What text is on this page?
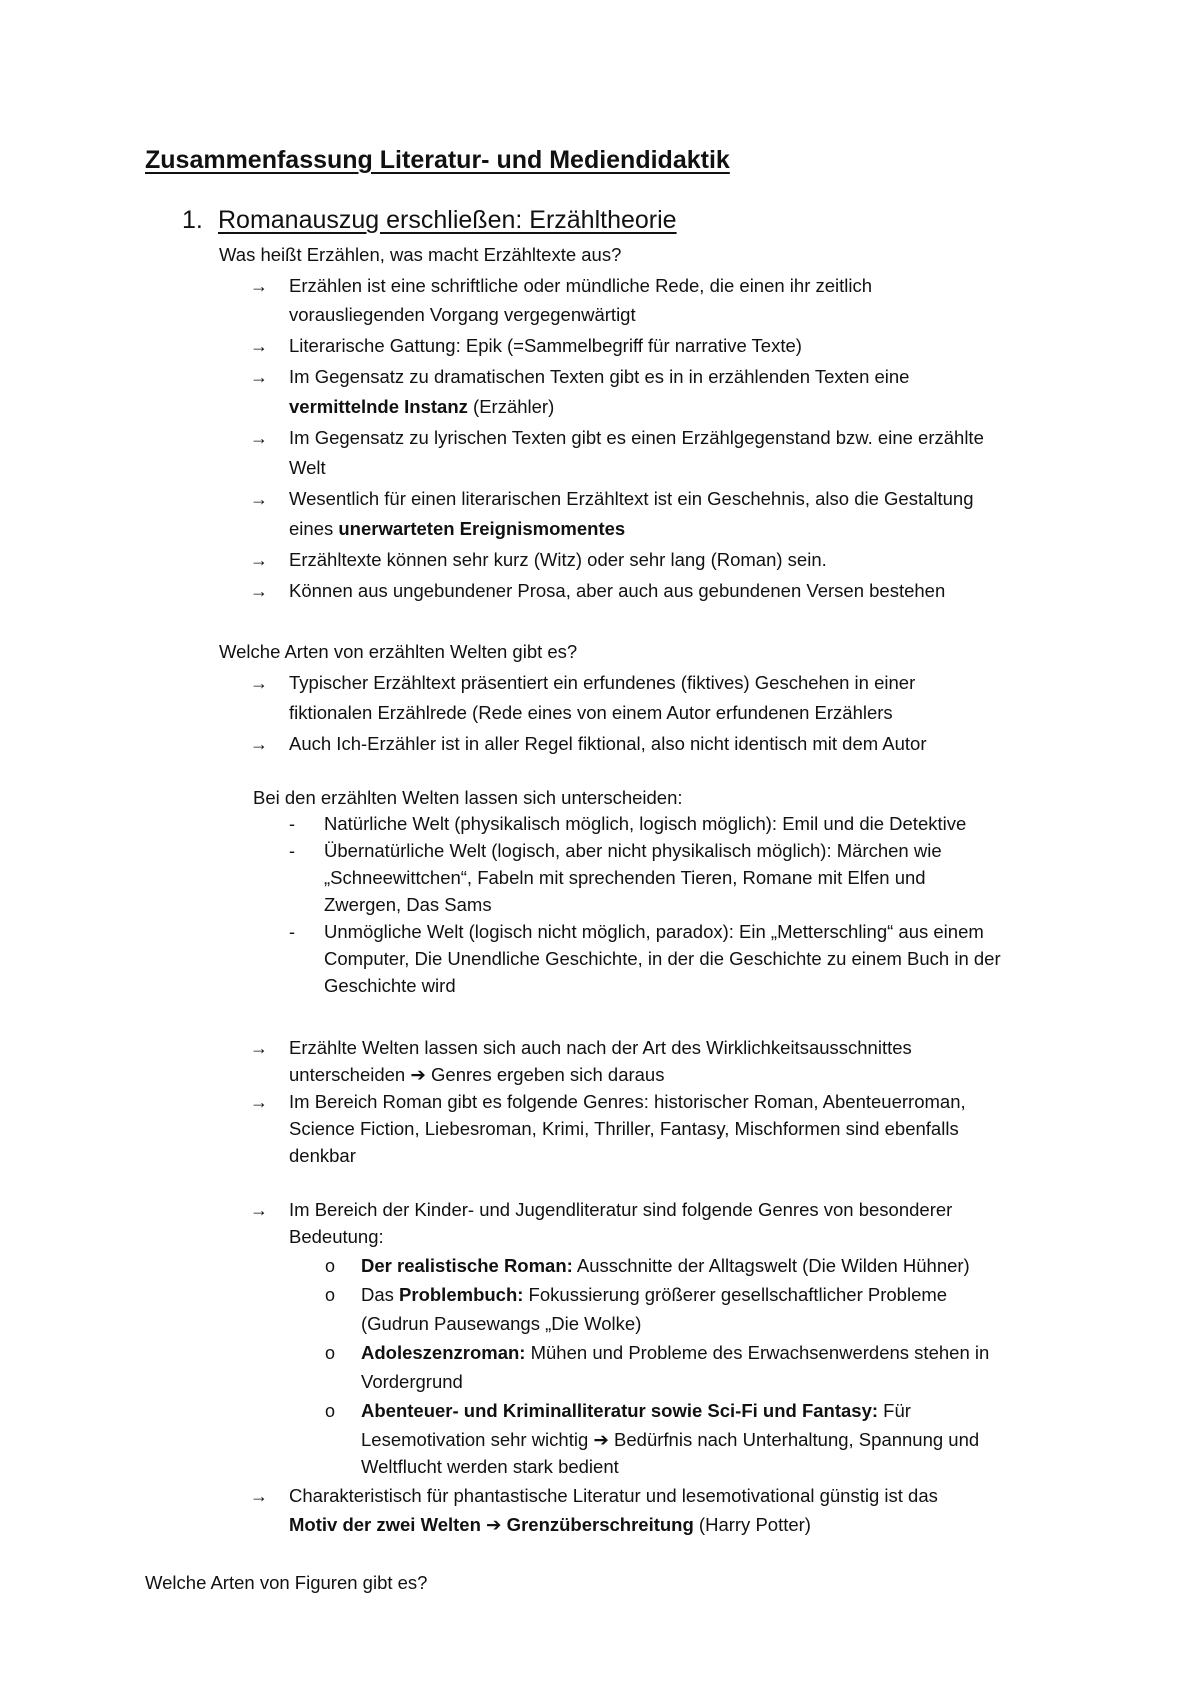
Zusammenfassung Literatur- und Mediendidaktik
1. Romanauszug erschließen: Erzähltheorie
Was heißt Erzählen, was macht Erzähltexte aus?
→ Erzählen ist eine schriftliche oder mündliche Rede, die einen ihr zeitlich
vorausliegenden Vorgang vergegenwärtigt
→ Literarische Gattung: Epik (=Sammelbegriff für narrative Texte)
→ Im Gegensatz zu dramatischen Texten gibt es in in erzählenden Texten eine
vermittelnde Instanz (Erzähler)
→ Im Gegensatz zu lyrischen Texten gibt es einen Erzählgegenstand bzw. eine erzählte
Welt
→ Wesentlich für einen literarischen Erzähltext ist ein Geschehnis, also die Gestaltung
eines unerwarteten Ereignismomentes
→ Erzähltexte können sehr kurz (Witz) oder sehr lang (Roman) sein.
→ Können aus ungebundener Prosa, aber auch aus gebundenen Versen bestehen
Welche Arten von erzählten Welten gibt es?
→ Typischer Erzähltext präsentiert ein erfundenes (fiktives) Geschehen in einer
fiktionalen Erzählrede (Rede eines von einem Autor erfundenen Erzählers
→ Auch Ich-Erzähler ist in aller Regel fiktional, also nicht identisch mit dem Autor
Bei den erzählten Welten lassen sich unterscheiden:
- Natürliche Welt (physikalisch möglich, logisch möglich): Emil und die Detektive
- Übernatürliche Welt (logisch, aber nicht physikalisch möglich): Märchen wie
„Schneewittchen“, Fabeln mit sprechenden Tieren, Romane mit Elfen und
Zwergen, Das Sams
- Unmögliche Welt (logisch nicht möglich, paradox): Ein „Metterschling“ aus einem
Computer, Die Unendliche Geschichte, in der die Geschichte zu einem Buch in der
Geschichte wird
→ Erzählte Welten lassen sich auch nach der Art des Wirklichkeitsausschnittes
unterscheiden ➔ Genres ergeben sich daraus
→ Im Bereich Roman gibt es folgende Genres: historischer Roman, Abenteuerroman,
Science Fiction, Liebesroman, Krimi, Thriller, Fantasy, Mischformen sind ebenfalls
denkbar
→ Im Bereich der Kinder- und Jugendliteratur sind folgende Genres von besonderer
Bedeutung:
o Der realistische Roman: Ausschnitte der Alltagswelt (Die Wilden Hühner)
o Das Problembuch: Fokussierung größerer gesellschaftlicher Probleme
(Gudrun Pausewangs „Die Wolke)
o Adoleszenzroman: Mühen und Probleme des Erwachsenwerdens stehen in
Vordergrund
o Abenteuer- und Kriminalliteratur sowie Sci-Fi und Fantasy: Für
Lesemotivation sehr wichtig ➔ Bedürfnis nach Unterhaltung, Spannung und
Weltflucht werden stark bedient
→ Charakteristisch für phantastische Literatur und lesemotivational günstig ist das
Motiv der zwei Welten ➔ Grenzüberschreitung (Harry Potter)
Welche Arten von Figuren gibt es?
